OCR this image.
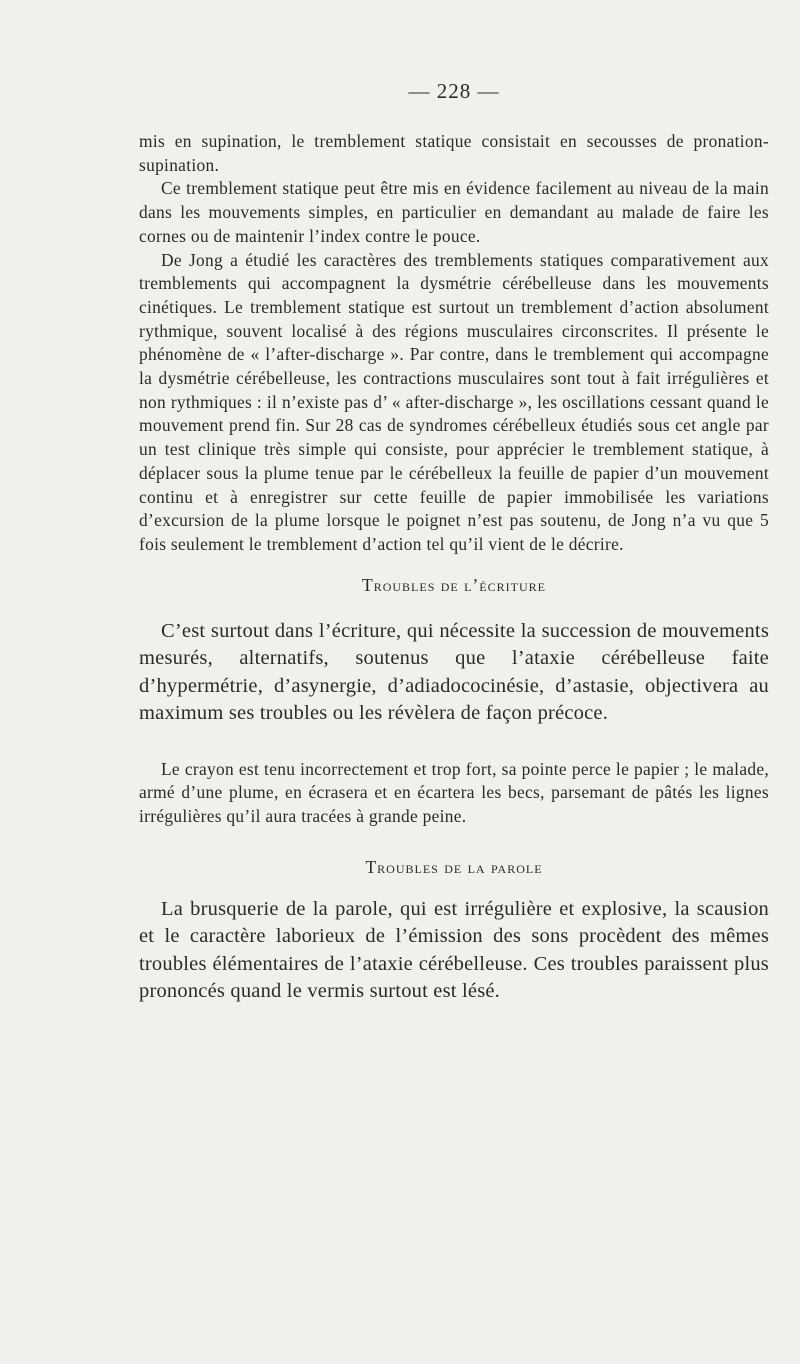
— 228 —

mis en supination, le tremblement statique consistait en secousses de pronation-supination.

Ce tremblement statique peut être mis en évidence facilement au niveau de la main dans les mouvements simples, en particulier en demandant au malade de faire les cornes ou de maintenir l’index contre le pouce.

De Jong a étudié les caractères des tremblements statiques comparativement aux tremblements qui accompagnent la dysmétrie cérébelleuse dans les mouvements cinétiques. Le tremblement statique est surtout un tremblement d’action absolument rythmique, souvent localisé à des régions musculaires circonscrites. Il présente le phénomène de « l’after-discharge ». Par contre, dans le tremblement qui accompagne la dysmétrie cérébelleuse, les contractions musculaires sont tout à fait irrégulières et non rythmiques : il n’existe pas d’ « after-discharge », les oscillations cessant quand le mouvement prend fin. Sur 28 cas de syndromes cérébelleux étudiés sous cet angle par un test clinique très simple qui consiste, pour apprécier le tremblement statique, à déplacer sous la plume tenue par le cérébelleux la feuille de papier d’un mouvement continu et à enregistrer sur cette feuille de papier immobilisée les variations d’excursion de la plume lorsque le poignet n’est pas soutenu, de Jong n’a vu que 5 fois seulement le tremblement d’action tel qu’il vient de le décrire.

Troubles de l’écriture

C’est surtout dans l’écriture, qui nécessite la succession de mouvements mesurés, alternatifs, soutenus que l’ataxie cérébelleuse faite d’hypermétrie, d’asynergie, d’adiadococinésie, d’astasie, objectivera au maximum ses troubles ou les révèlera de façon précoce.

Le crayon est tenu incorrectement et trop fort, sa pointe perce le papier ; le malade, armé d’une plume, en écrasera et en écartera les becs, parsemant de pâtés les lignes irrégulières qu’il aura tracées à grande peine.

Troubles de la parole

La brusquerie de la parole, qui est irrégulière et explosive, la scausion et le caractère laborieux de l’émission des sons procèdent des mêmes troubles élémentaires de l’ataxie cérébelleuse. Ces troubles paraissent plus prononcés quand le vermis surtout est lésé.
